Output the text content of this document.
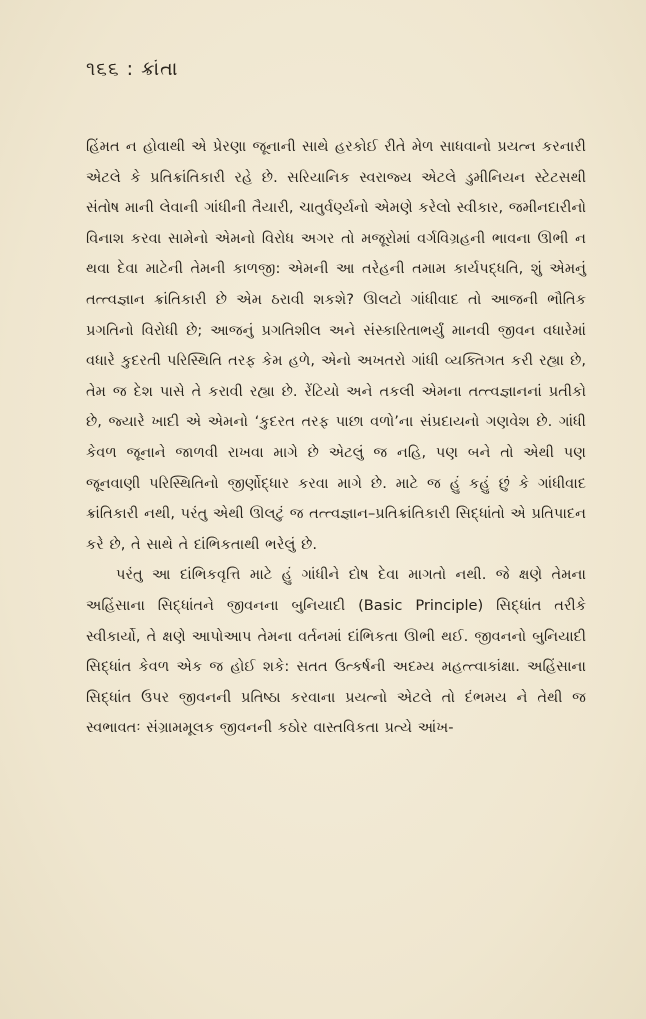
૧૬૬ : ક્રાંતા

હિંમત ન હોવાથી એ પ્રેરણા જૂનાની સાથે હરકોઈ રીતે મેળ સાધવાનો પ્રયત્ન કરનારી એટલે કે પ્રતિક્રાંતિકારી રહે છે. સરિયાનિક સ્વરાજ્ય એટલે ડુમીનિયન સ્ટેટસથી સંતોષ માની લેવાની ગાંધીની તૈયારી, ચાતુર્વર્ણ્યનો એમણે કરેલો સ્વીકાર, જમીનદારીનો વિનાશ કરવા સામેનો એમનો વિરોધ અગર તો મજૂરોમાં વર્ગવિગ્રહની ભાવના ઊભી ન થવા દેવા માટેની તેમની કાળજી: એમની આ તરેહની તમામ કાર્યપદ્ધતિ, શું એમનું તત્ત્વજ્ઞાન ક્રાંતિકારી છે એમ ઠરાવી શકશે? ઊલટો ગાંધીવાદ તો આજની ભૌતિક પ્રગતિનો વિરોધી છે; આજનું પ્રગતિશીલ અને સંસ્કારિતાભર્યું માનવી જીવન વધારેમાં વધારે કુદરતી પરિસ્થિતિ તરફ કેમ હળે, એનો અખતરો ગાંધી વ્યક્તિગત કરી રહ્યા છે, તેમ જ દેશ પાસે તે કરાવી રહ્યા છે. રેંટિયો અને તકલી એમના તત્ત્વજ્ઞાનનાં પ્રતીકો છે, જ્યારે ખાદી એ એમનો ‘કુદરત તરફ પાછા વળો’ના સંપ્રદાયનો ગણવેશ છે. ગાંધી કેવળ જૂનાને જાળવી રાખવા માગે છે એટલું જ નહિ, પણ બને તો એથી પણ જૂનવાણી પરિસ્થિતિનો જીર્ણોદ્ધાર કરવા માગે છે. માટે જ હું કહું છું કે ગાંધીવાદ ક્રાંતિકારી નથી, પરંતુ એથી ઊલટું જ તત્ત્વજ્ઞાન–પ્રતિક્રાંતિકારી સિદ્ધાંતો એ પ્રતિપાદન કરે છે, તે સાથે તે દાંભિકતાથી ભરેલું છે.

પરંતુ આ દાંભિકવૃત્તિ માટે હું ગાંધીને દોષ દેવા માગતો નથી. જે ક્ષણે તેમના અહિંસાના સિદ્ધાંતને જીવનના બુનિયાદી (Basic Principle) સિદ્ધાંત તરીકે સ્વીકાર્યો, તે ક્ષણે આપોઆપ તેમના વર્તનમાં દાંભિકતા ઊભી થઈ. જીવનનો બુનિયાદી સિદ્ધાંત કેવળ એક જ હોઈ શકે: સતત ઉત્કર્ષની અદમ્ય મહત્ત્વાકાંક્ષા. અહિંસાના સિદ્ધાંત ઉપર જીવનની પ્રતિષ્ઠા કરવાના પ્રયત્નો એટલે તો દંભમય ને તેથી જ સ્વભાવતઃ સંગ્રામમૂલક જીવનની કઠોર વાસ્તવિકતા પ્રત્યે આંખ-
